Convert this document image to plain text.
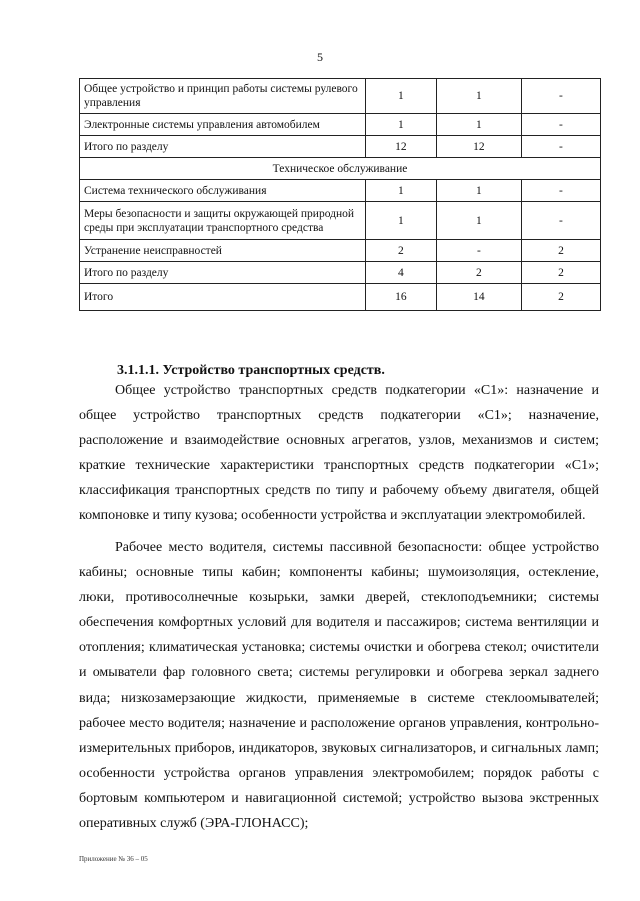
5
Общее устройство и принцип работы системы рулевого управления	1	1	-
Электронные системы управления автомобилем	1	1	-
Итого по разделу	12	12	-
Техническое обслуживание			
Система технического обслуживания	1	1	-
Меры безопасности и защиты окружающей природной среды при эксплуатации транспортного средства	1	1	-
Устранение неисправностей	2	-	2
Итого по разделу	4	2	2
Итого	16	14	2
3.1.1.1. Устройство транспортных средств.
Общее устройство транспортных средств подкатегории «С1»: назначение и общее устройство транспортных средств подкатегории «С1»; назначение, расположение и взаимодействие основных агрегатов, узлов, механизмов и систем; краткие технические характеристики транспортных средств подкатегории «С1»; классификация транспортных средств по типу и рабочему объему двигателя, общей компоновке и типу кузова; особенности устройства и эксплуатации электромобилей.
Рабочее место водителя, системы пассивной безопасности: общее устройство кабины; основные типы кабин; компоненты кабины; шумоизоляция, остекление, люки, противосолнечные козырьки, замки дверей, стеклоподъемники; системы обеспечения комфортных условий для водителя и пассажиров; система вентиляции и отопления; климатическая установка; системы очистки и обогрева стекол; очистители и омыватели фар головного света; системы регулировки и обогрева зеркал заднего вида; низкозамерзающие жидкости, применяемые в системе стеклоомывателей; рабочее место водителя; назначение и расположение органов управления, контрольно-измерительных приборов, индикаторов, звуковых сигнализаторов, и сигнальных ламп; особенности устройства органов управления электромобилем; порядок работы с бортовым компьютером и навигационной системой; устройство вызова экстренных оперативных служб (ЭРА-ГЛОНАСС);
Приложение № 36 – 05
